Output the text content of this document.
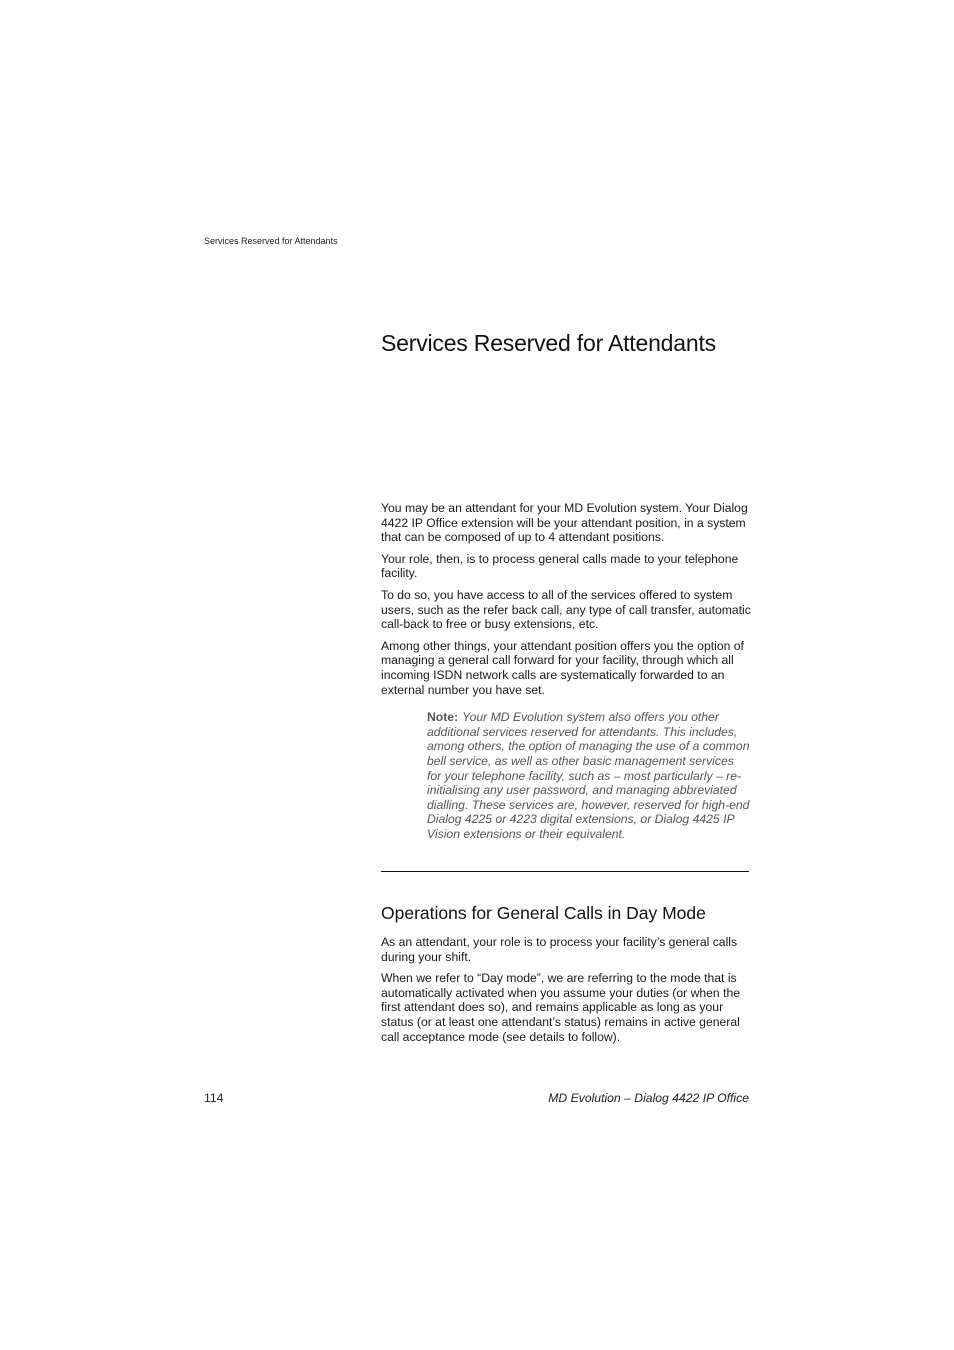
Services Reserved for Attendants
Services Reserved for Attendants

You may be an attendant for your MD Evolution system. Your Dialog 4422 IP Office extension will be your attendant position, in a system that can be composed of up to 4 attendant positions.

Your role, then, is to process general calls made to your telephone facility.

To do so, you have access to all of the services offered to system users, such as the refer back call, any type of call transfer, automatic call-back to free or busy extensions, etc.

Among other things, your attendant position offers you the option of managing a general call forward for your facility, through which all incoming ISDN network calls are systematically forwarded to an external number you have set.

Note: Your MD Evolution system also offers you other additional services reserved for attendants. This includes, among others, the option of managing the use of a common bell service, as well as other basic management services for your telephone facility, such as – most particularly – re-initialising any user password, and managing abbreviated dialling. These services are, however, reserved for high-end Dialog 4225 or 4223 digital extensions, or Dialog 4425 IP Vision extensions or their equivalent.
Operations for General Calls in Day Mode

As an attendant, your role is to process your facility’s general calls during your shift.

When we refer to “Day mode”, we are referring to the mode that is automatically activated when you assume your duties (or when the first attendant does so), and remains applicable as long as your status (or at least one attendant’s status) remains in active general call acceptance mode (see details to follow).

114	MD Evolution – Dialog 4422 IP Office
